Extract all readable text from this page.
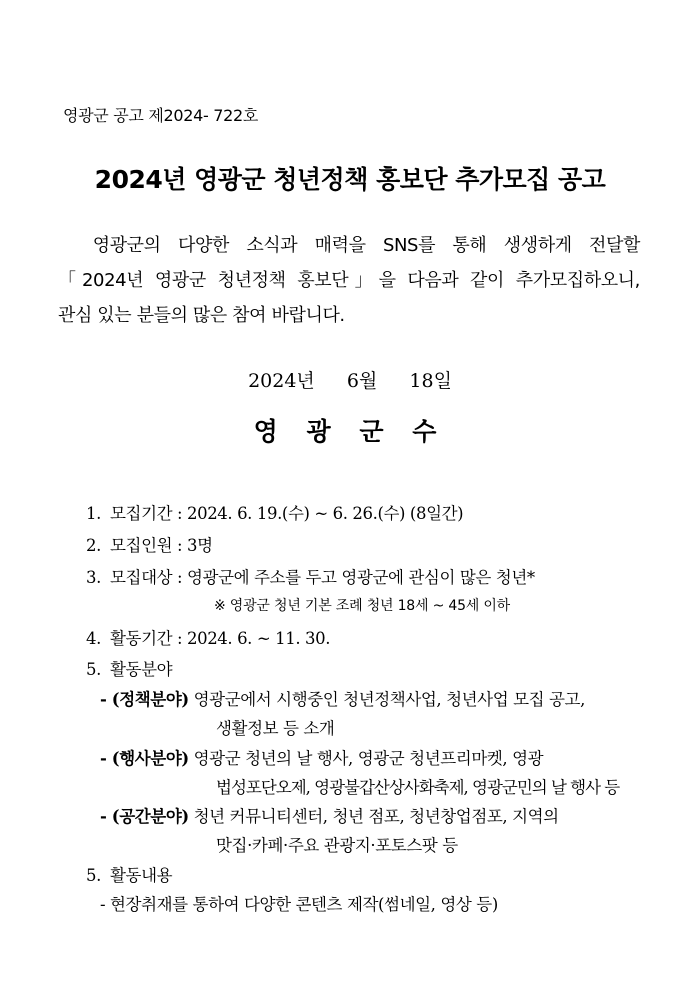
영광군 공고 제2024- 722호
2024년 영광군 청년정책 홍보단 추가모집 공고
영광군의 다양한 소식과 매력을 SNS를 통해 생생하게 전달할
「2024년 영광군 청년정책 홍보단」을 다음과 같이 추가모집하오니,
관심 있는 분들의 많은 참여 바랍니다.
2024년  6월  18일
영 광 군 수
1. 모집기간 : 2024. 6. 19.(수) ~ 6. 26.(수) (8일간)
2. 모집인원 : 3명
3. 모집대상 : 영광군에 주소를 두고 영광군에 관심이 많은 청년*
※ 영광군 청년 기본 조례 청년 18세 ~ 45세 이하
4. 활동기간 : 2024. 6. ~ 11. 30.
5. 활동분야
- (정책분야) 영광군에서 시행중인 청년정책사업, 청년사업 모집 공고,
생활정보 등 소개
- (행사분야) 영광군 청년의 날 행사, 영광군 청년프리마켓, 영광
법성포단오제, 영광불갑산상사화축제, 영광군민의 날 행사 등
- (공간분야) 청년 커뮤니티센터, 청년 점포, 청년창업점포, 지역의
맛집·카페·주요 관광지·포토스팟 등
5. 활동내용
- 현장취재를 통하여 다양한 콘텐츠 제작(썸네일, 영상 등)
